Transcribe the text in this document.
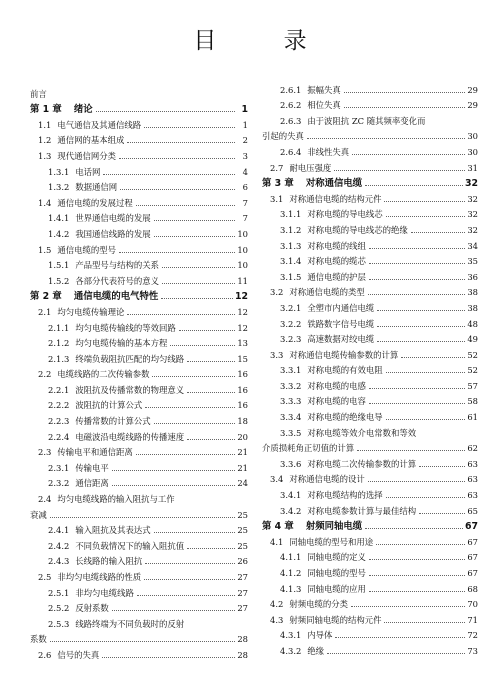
目 录
前言
第 1 章 绪论	1
1.1 电气通信及其通信线路	1
1.2 通信网的基本组成	2
1.3 现代通信网分类	3
1.3.1 电话网	4
1.3.2 数据通信网	6
1.4 通信电缆的发展过程	7
1.4.1 世界通信电缆的发展	7
1.4.2 我国通信线路的发展	10
1.5 通信电缆的型号	10
1.5.1 产品型号与结构的关系	10
1.5.2 各部分代表符号的意义	11
第 2 章 通信电缆的电气特性	12
2.1 均匀电缆传输理论	12
2.1.1 均匀电缆传输线的等效回路	12
2.1.2 均匀电缆传输的基本方程	13
2.1.3 终端负载阻抗匹配的均匀线路	15
2.2 电缆线路的二次传输参数	16
2.2.1 波阻抗及传播常数的物理意义	16
2.2.2 波阻抗的计算公式	16
2.2.3 传播常数的计算公式	18
2.2.4 电磁波沿电缆线路的传播速度	20
2.3 传输电平和通信距离	21
2.3.1 传输电平	21
2.3.2 通信距离	24
2.4 均匀电缆线路的输入阻抗与工作
衰减	25
2.4.1 输入阻抗及其表达式	25
2.4.2 不同负载情况下的输入阻抗值	25
2.4.3 长线路的输入阻抗	26
2.5 非均匀电缆线路的性质	27
2.5.1 非均匀电缆线路	27
2.5.2 反射系数	27
2.5.3 线路终端为不同负载时的反射
系数	28
2.6 信号的失真	28
2.6.1 振幅失真	29
2.6.2 相位失真	29
2.6.3 由于波阻抗 ZC 随其频率变化而
引起的失真	30
2.6.4 非线性失真	30
2.7 耐电压强度	31
第 3 章 对称通信电缆	32
3.1 对称通信电缆的结构元件	32
3.1.1 对称电缆的导电线芯	32
3.1.2 对称电缆的导电线芯的绝缘	32
3.1.3 对称电缆的线组	34
3.1.4 对称电缆的缆芯	35
3.1.5 通信电缆的护层	36
3.2 对称通信电缆的类型	38
3.2.1 全塑市内通信电缆	38
3.2.2 铁路数字信号电缆	48
3.2.3 高速数据对绞电缆	49
3.3 对称通信电缆传输参数的计算	52
3.3.1 对称电缆的有效电阻	52
3.3.2 对称电缆的电感	57
3.3.3 对称电缆的电容	58
3.3.4 对称电缆的绝缘电导	61
3.3.5 对称电缆等效介电常数和等效
介质损耗角正切值的计算	62
3.3.6 对称电缆二次传输参数的计算	63
3.4 对称通信电缆的设计	63
3.4.1 对称电缆结构的选择	63
3.4.2 对称电缆参数计算与最佳结构	65
第 4 章 射频同轴电缆	67
4.1 同轴电缆的型号和用途	67
4.1.1 同轴电缆的定义	67
4.1.2 同轴电缆的型号	67
4.1.3 同轴电缆的应用	68
4.2 射频电缆的分类	70
4.3 射频同轴电缆的结构元件	71
4.3.1 内导体	72
4.3.2 绝缘	73
